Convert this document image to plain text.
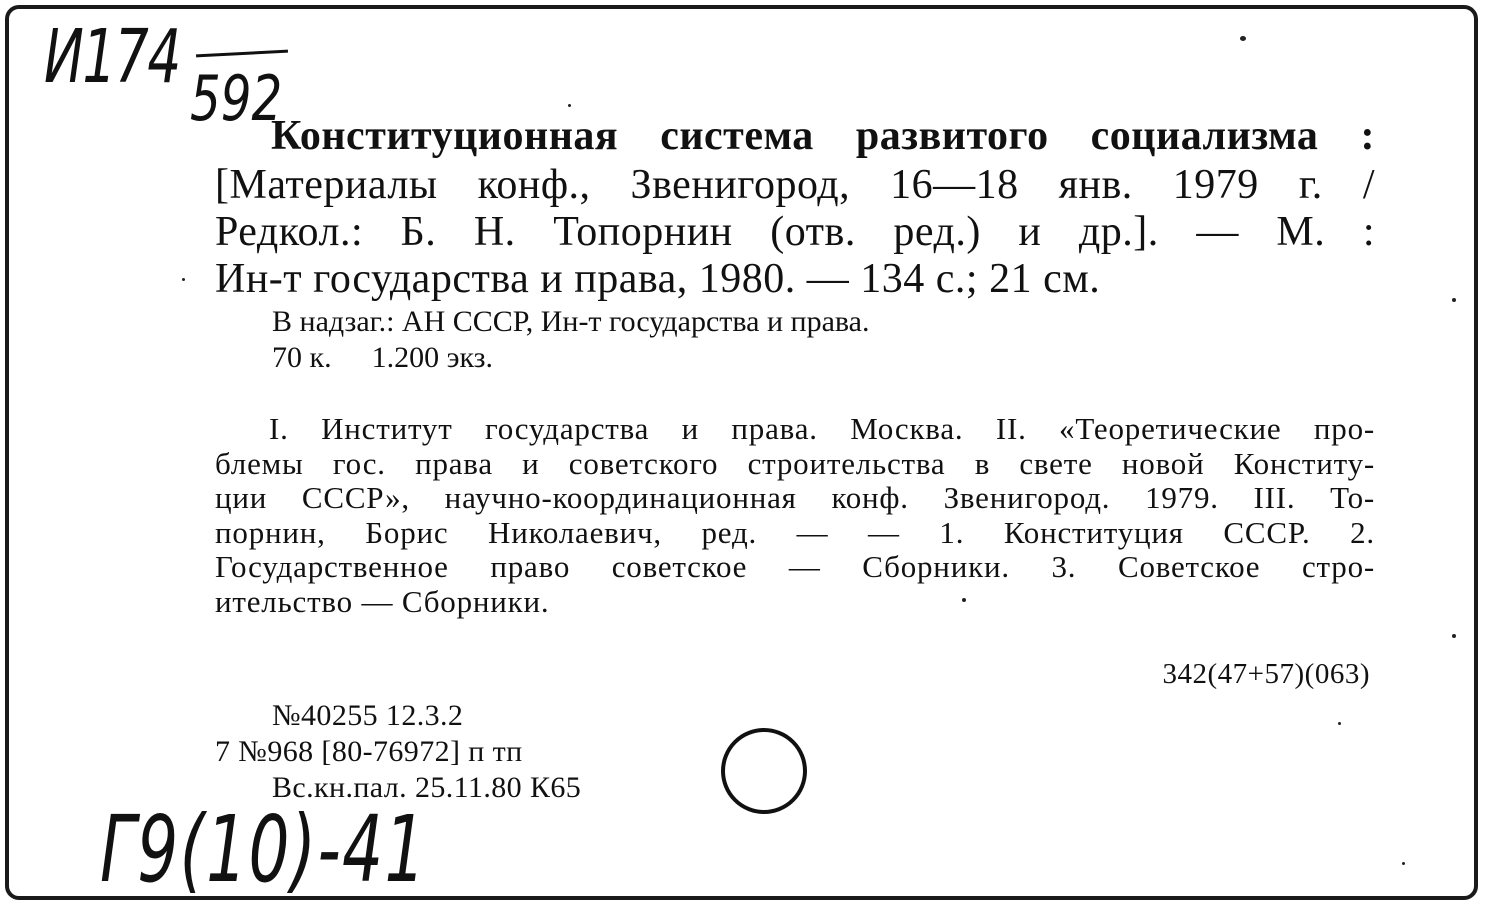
И174 592
Конституционная система развитого социализма :
[Материалы конф., Звенигород, 16—18 янв. 1979 г. /
Редкол.: Б. Н. Топорнин (отв. ред.) и др.]. — М. :
Ин-т государства и права, 1980. — 134 с.; 21 см.
В надзаг.: АН СССР, Ин-т государства и права.
70 к. 1.200 экз.
I. Институт государства и права. Москва. II. «Теоретические про-
блемы гос. права и советского строительства в свете новой Конститу-
ции СССР», научно-координационная конф. Звенигород. 1979. III. То-
порнин, Борис Николаевич, ред. — — 1. Конституция СССР. 2.
Государственное право советское — Сборники. 3. Советское стро-
ительство — Сборники.
342(47+57)(063)
№40255 12.3.2
7 №968 [80-76972] п тп
Вс.кн.пал. 25.11.80 К65
Г9(10)-41
